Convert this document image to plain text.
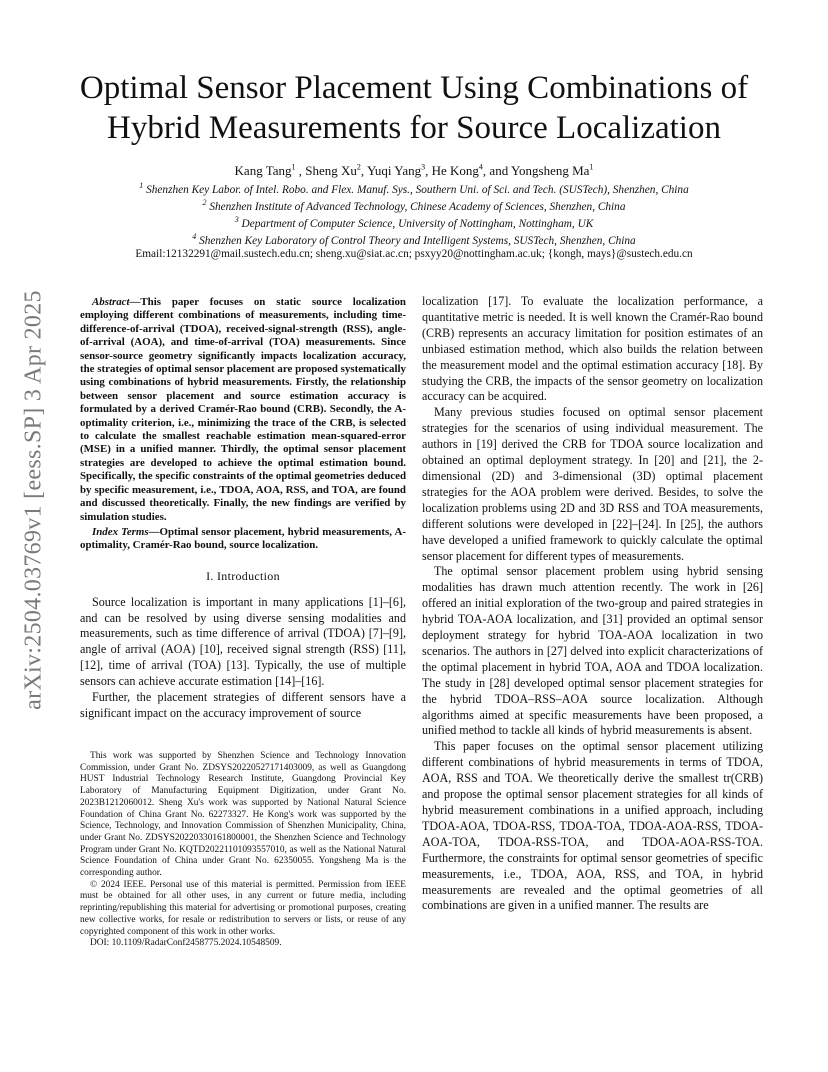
arXiv:2504.03769v1 [eess.SP] 3 Apr 2025
Optimal Sensor Placement Using Combinations of
Hybrid Measurements for Source Localization
Kang Tang$^1$ , Sheng Xu$^2$, Yuqi Yang$^3$, He Kong$^4$, and Yongsheng Ma$^1$
$^1$ Shenzhen Key Labor. of Intel. Robo. and Flex. Manuf. Sys., Southern Uni. of Sci. and Tech. (SUSTech), Shenzhen, China
$^2$ Shenzhen Institute of Advanced Technology, Chinese Academy of Sciences, Shenzhen, China
$^3$ Department of Computer Science, University of Nottingham, Nottingham, UK
$^4$ Shenzhen Key Laboratory of Control Theory and Intelligent Systems, SUSTech, Shenzhen, China
Email:12132291@mail.sustech.edu.cn; sheng.xu@siat.ac.cn; psxyy20@nottingham.ac.uk; {kongh, mays}@sustech.edu.cn

Abstract—This paper focuses on static source localization employing different combinations of measurements, including time-difference-of-arrival (TDOA), received-signal-strength (RSS), angle-of-arrival (AOA), and time-of-arrival (TOA) measurements. Since sensor-source geometry significantly impacts localization accuracy, the strategies of optimal sensor placement are proposed systematically using combinations of hybrid measurements. Firstly, the relationship between sensor placement and source estimation accuracy is formulated by a derived Cramér-Rao bound (CRB). Secondly, the A-optimality criterion, i.e., minimizing the trace of the CRB, is selected to calculate the smallest reachable estimation mean-squared-error (MSE) in a unified manner. Thirdly, the optimal sensor placement strategies are developed to achieve the optimal estimation bound. Specifically, the specific constraints of the optimal geometries deduced by specific measurement, i.e., TDOA, AOA, RSS, and TOA, are found and discussed theoretically. Finally, the new findings are verified by simulation studies.

Index Terms—Optimal sensor placement, hybrid measurements, A-optimality, Cramér-Rao bound, source localization.

I. Introduction

Source localization is important in many applications [1]–[6], and can be resolved by using diverse sensing modalities and measurements, such as time difference of arrival (TDOA) [7]–[9], angle of arrival (AOA) [10], received signal strength (RSS) [11], [12], time of arrival (TOA) [13]. Typically, the use of multiple sensors can achieve accurate estimation [14]–[16].

Further, the placement strategies of different sensors have a significant impact on the accuracy improvement of source

This work was supported by Shenzhen Science and Technology Innovation Commission, under Grant No. ZDSYS20220527171403009, as well as Guangdong HUST Industrial Technology Research Institute, Guangdong Provincial Key Laboratory of Manufacturing Equipment Digitization, under Grant No. 2023B1212060012. Sheng Xu's work was supported by National Natural Science Foundation of China Grant No. 62273327. He Kong's work was supported by the Science, Technology, and Innovation Commission of Shenzhen Municipality, China, under Grant No. ZDSYS20220330161800001, the Shenzhen Science and Technology Program under Grant No. KQTD20221101093557010, as well as the National Natural Science Foundation of China under Grant No. 62350055. Yongsheng Ma is the corresponding author.

© 2024 IEEE. Personal use of this material is permitted. Permission from IEEE must be obtained for all other uses, in any current or future media, including reprinting/republishing this material for advertising or promotional purposes, creating new collective works, for resale or redistribution to servers or lists, or reuse of any copyrighted component of this work in other works.

DOI: 10.1109/RadarConf2458775.2024.10548509.

localization [17]. To evaluate the localization performance, a quantitative metric is needed. It is well known the Cramér-Rao bound (CRB) represents an accuracy limitation for position estimates of an unbiased estimation method, which also builds the relation between the measurement model and the optimal estimation accuracy [18]. By studying the CRB, the impacts of the sensor geometry on localization accuracy can be acquired.

Many previous studies focused on optimal sensor placement strategies for the scenarios of using individual measurement. The authors in [19] derived the CRB for TDOA source localization and obtained an optimal deployment strategy. In [20] and [21], the 2-dimensional (2D) and 3-dimensional (3D) optimal placement strategies for the AOA problem were derived. Besides, to solve the localization problems using 2D and 3D RSS and TOA measurements, different solutions were developed in [22]–[24]. In [25], the authors have developed a unified framework to quickly calculate the optimal sensor placement for different types of measurements.

The optimal sensor placement problem using hybrid sensing modalities has drawn much attention recently. The work in [26] offered an initial exploration of the two-group and paired strategies in hybrid TOA-AOA localization, and [31] provided an optimal sensor deployment strategy for hybrid TOA-AOA localization in two scenarios. The authors in [27] delved into explicit characterizations of the optimal placement in hybrid TOA, AOA and TDOA localization. The study in [28] developed optimal sensor placement strategies for the hybrid TDOA–RSS–AOA source localization. Although algorithms aimed at specific measurements have been proposed, a unified method to tackle all kinds of hybrid measurements is absent.

This paper focuses on the optimal sensor placement utilizing different combinations of hybrid measurements in terms of TDOA, AOA, RSS and TOA. We theoretically derive the smallest tr(CRB) and propose the optimal sensor placement strategies for all kinds of hybrid measurement combinations in a unified approach, including TDOA-AOA, TDOA-RSS, TDOA-TOA, TDOA-AOA-RSS, TDOA-AOA-TOA, TDOA-RSS-TOA, and TDOA-AOA-RSS-TOA. Furthermore, the constraints for optimal sensor geometries of specific measurements, i.e., TDOA, AOA, RSS, and TOA, in hybrid measurements are revealed and the optimal geometries of all combinations are given in a unified manner. The results are
